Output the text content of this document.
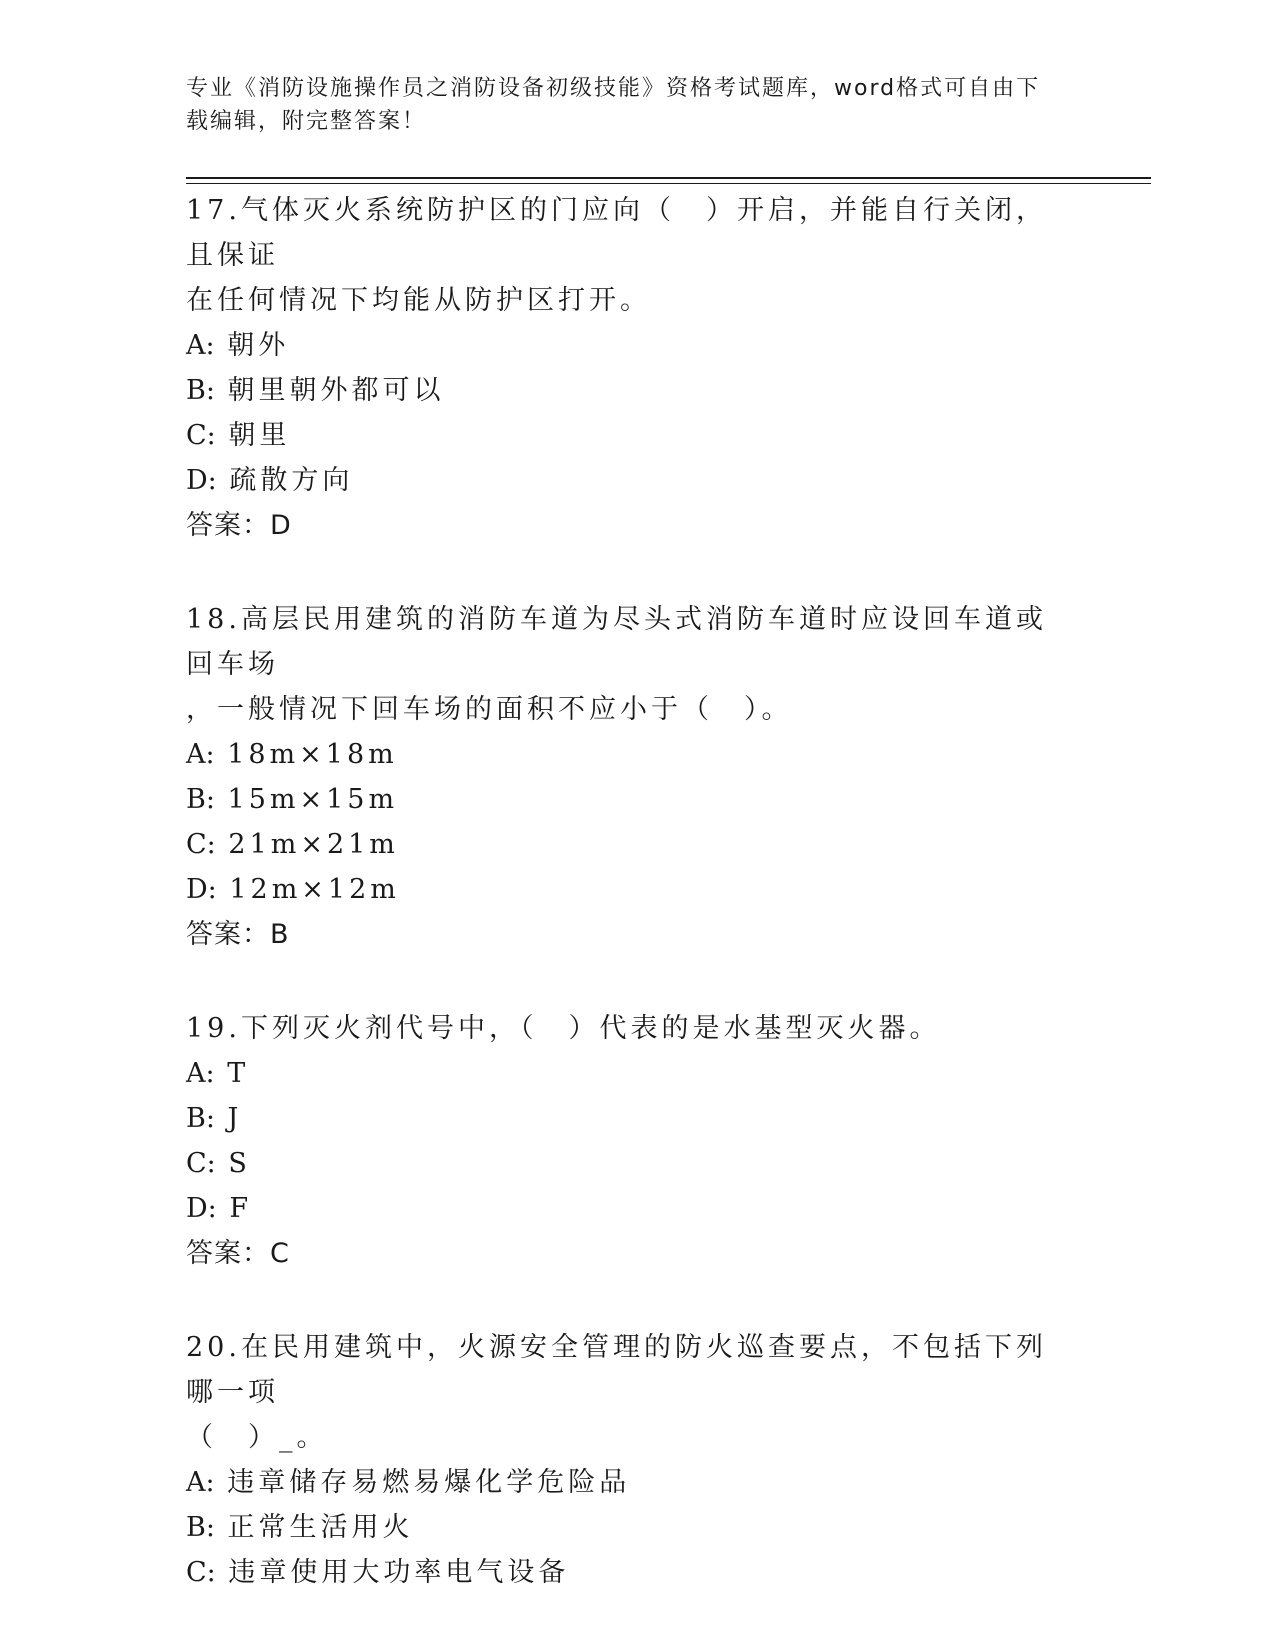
专业《消防设施操作员之消防设备初级技能》资格考试题库，word格式可自由下
载编辑，附完整答案！

17.气体灭火系统防护区的门应向（　）开启，并能自行关闭，且保证

在任何情况下均能从防护区打开。

A: 朝外

B: 朝里朝外都可以

C: 朝里

D: 疏散方向

答案：D

18.高层民用建筑的消防车道为尽头式消防车道时应设回车道或回车场

，一般情况下回车场的面积不应小于（　）。

A: 18m×18m

B: 15m×15m

C: 21m×21m

D: 12m×12m

答案：B

19.下列灭火剂代号中，（　）代表的是水基型灭火器。

A: T

B: J

C: S

D: F

答案：C

20.在民用建筑中，火源安全管理的防火巡查要点，不包括下列哪一项

（　）_。

A: 违章储存易燃易爆化学危险品

B: 正常生活用火

C: 违章使用大功率电气设备
